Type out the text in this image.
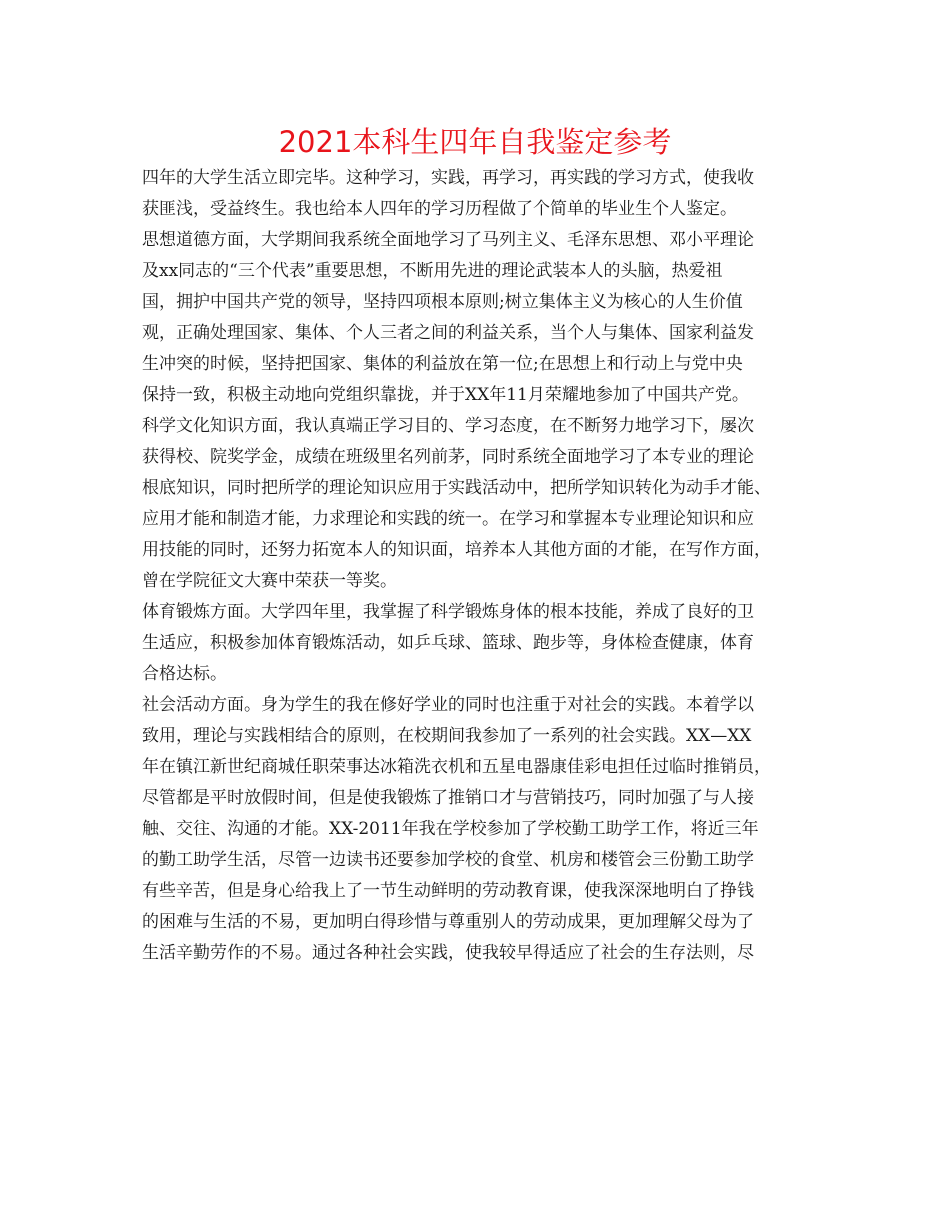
2021本科生四年自我鉴定参考
四年的大学生活立即完毕。这种学习，实践，再学习，再实践的学习方式，使我收
获匪浅，受益终生。我也给本人四年的学习历程做了个简单的毕业生个人鉴定。
思想道德方面，大学期间我系统全面地学习了马列主义、毛泽东思想、邓小平理论
及xx同志的“三个代表”重要思想，不断用先进的理论武装本人的头脑，热爱祖
国，拥护中国共产党的领导，坚持四项根本原则;树立集体主义为核心的人生价值
观，正确处理国家、集体、个人三者之间的利益关系，当个人与集体、国家利益发
生冲突的时候，坚持把国家、集体的利益放在第一位;在思想上和行动上与党中央
保持一致，积极主动地向党组织靠拢，并于XX年11月荣耀地参加了中国共产党。
科学文化知识方面，我认真端正学习目的、学习态度，在不断努力地学习下，屡次
获得校、院奖学金，成绩在班级里名列前茅，同时系统全面地学习了本专业的理论
根底知识，同时把所学的理论知识应用于实践活动中，把所学知识转化为动手才能、
应用才能和制造才能，力求理论和实践的统一。在学习和掌握本专业理论知识和应
用技能的同时，还努力拓宽本人的知识面，培养本人其他方面的才能，在写作方面，
曾在学院征文大赛中荣获一等奖。
体育锻炼方面。大学四年里，我掌握了科学锻炼身体的根本技能，养成了良好的卫
生适应，积极参加体育锻炼活动，如乒乓球、篮球、跑步等，身体检查健康，体育
合格达标。
社会活动方面。身为学生的我在修好学业的同时也注重于对社会的实践。本着学以
致用，理论与实践相结合的原则，在校期间我参加了一系列的社会实践。XX—XX
年在镇江新世纪商城任职荣事达冰箱洗衣机和五星电器康佳彩电担任过临时推销员，
尽管都是平时放假时间，但是使我锻炼了推销口才与营销技巧，同时加强了与人接
触、交往、沟通的才能。XX-2011年我在学校参加了学校勤工助学工作，将近三年
的勤工助学生活，尽管一边读书还要参加学校的食堂、机房和楼管会三份勤工助学
有些辛苦，但是身心给我上了一节生动鲜明的劳动教育课，使我深深地明白了挣钱
的困难与生活的不易，更加明白得珍惜与尊重别人的劳动成果，更加理解父母为了
生活辛勤劳作的不易。通过各种社会实践，使我较早得适应了社会的生存法则，尽
